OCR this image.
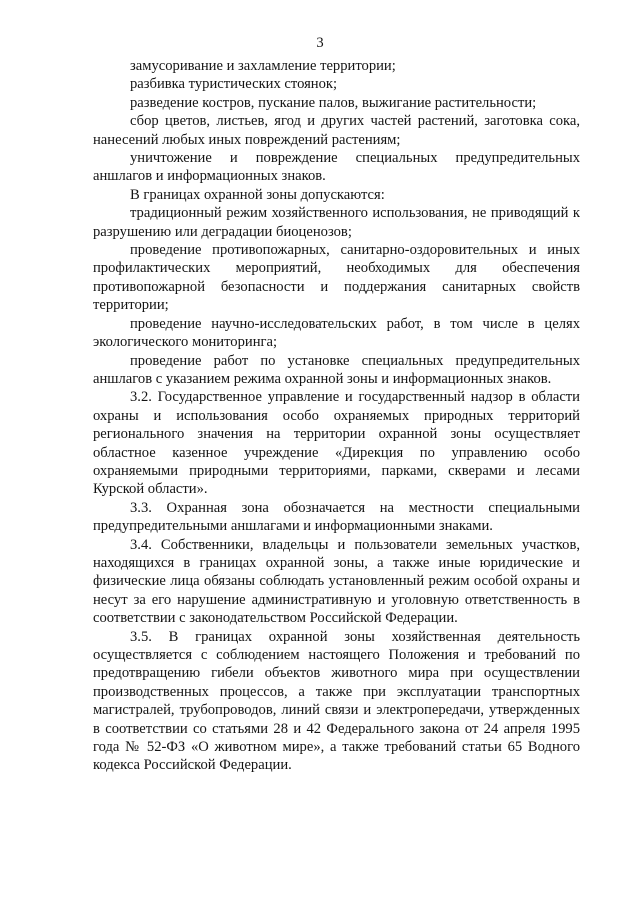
3

замусоривание и захламление территории;

разбивка туристических стоянок;

разведение костров, пускание палов, выжигание растительности;

сбор цветов, листьев, ягод и других частей растений, заготовка сока, нанесений любых иных повреждений растениям;

уничтожение и повреждение специальных предупредительных аншлагов и информационных знаков.

В границах охранной зоны допускаются:

традиционный режим хозяйственного использования, не приводящий к разрушению или деградации биоценозов;

проведение противопожарных, санитарно-оздоровительных и иных профилактических мероприятий, необходимых для обеспечения противопожарной безопасности и поддержания санитарных свойств территории;

проведение научно-исследовательских работ, в том числе в целях экологического мониторинга;

проведение работ по установке специальных предупредительных аншлагов с указанием режима охранной зоны и информационных знаков.

3.2. Государственное управление и государственный надзор в области охраны и использования особо охраняемых природных территорий регионального значения на территории охранной зоны осуществляет областное казенное учреждение «Дирекция по управлению особо охраняемыми природными территориями, парками, скверами и лесами Курской области».

3.3. Охранная зона обозначается на местности специальными предупредительными аншлагами и информационными знаками.

3.4. Собственники, владельцы и пользователи земельных участков, находящихся в границах охранной зоны, а также иные юридические и физические лица обязаны соблюдать установленный режим особой охраны и несут за его нарушение административную и уголовную ответственность в соответствии с законодательством Российской Федерации.

3.5. В границах охранной зоны хозяйственная деятельность осуществляется с соблюдением настоящего Положения и требований по предотвращению гибели объектов животного мира при осуществлении производственных процессов, а также при эксплуатации транспортных магистралей, трубопроводов, линий связи и электропередачи, утвержденных в соответствии со статьями 28 и 42 Федерального закона от 24 апреля 1995 года № 52-ФЗ «О животном мире», а также требований статьи 65 Водного кодекса Российской Федерации.
